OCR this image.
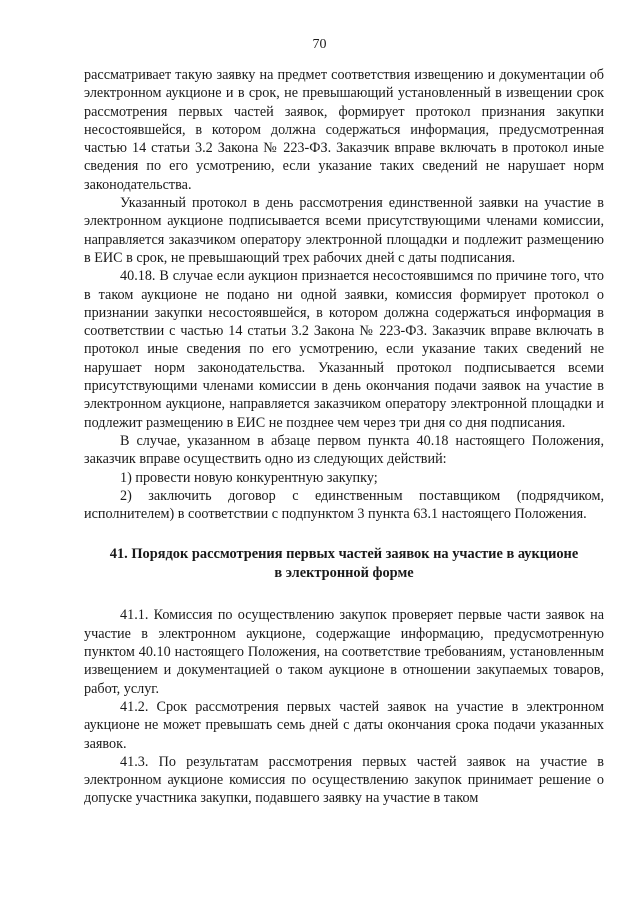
70

рассматривает такую заявку на предмет соответствия извещению и документации об электронном аукционе и в срок, не превышающий установленный в извещении срок рассмотрения первых частей заявок, формирует протокол признания закупки несостоявшейся, в котором должна содержаться информация, предусмотренная частью 14 статьи 3.2 Закона № 223-ФЗ. Заказчик вправе включать в протокол иные сведения по его усмотрению, если указание таких сведений не нарушает норм законодательства.

Указанный протокол в день рассмотрения единственной заявки на участие в электронном аукционе подписывается всеми присутствующими членами комиссии, направляется заказчиком оператору электронной площадки и подлежит размещению в ЕИС в срок, не превышающий трех рабочих дней с даты подписания.

40.18. В случае если аукцион признается несостоявшимся по причине того, что в таком аукционе не подано ни одной заявки, комиссия формирует протокол о признании закупки несостоявшейся, в котором должна содержаться информация в соответствии с частью 14 статьи 3.2 Закона № 223-ФЗ. Заказчик вправе включать в протокол иные сведения по его усмотрению, если указание таких сведений не нарушает норм законодательства. Указанный протокол подписывается всеми присутствующими членами комиссии в день окончания подачи заявок на участие в электронном аукционе, направляется заказчиком оператору электронной площадки и подлежит размещению в ЕИС не позднее чем через три дня со дня подписания.

В случае, указанном в абзаце первом пункта 40.18 настоящего Положения, заказчик вправе осуществить одно из следующих действий:

1) провести новую конкурентную закупку;

2) заключить договор с единственным поставщиком (подрядчиком, исполнителем) в соответствии с подпунктом 3 пункта 63.1 настоящего Положения.

41. Порядок рассмотрения первых частей заявок на участие в аукционе
в электронной форме

41.1. Комиссия по осуществлению закупок проверяет первые части заявок на участие в электронном аукционе, содержащие информацию, предусмотренную пунктом 40.10 настоящего Положения, на соответствие требованиям, установленным извещением и документацией о таком аукционе в отношении закупаемых товаров, работ, услуг.

41.2. Срок рассмотрения первых частей заявок на участие в электронном аукционе не может превышать семь дней с даты окончания срока подачи указанных заявок.

41.3. По результатам рассмотрения первых частей заявок на участие в электронном аукционе комиссия по осуществлению закупок принимает решение о допуске участника закупки, подавшего заявку на участие в таком
